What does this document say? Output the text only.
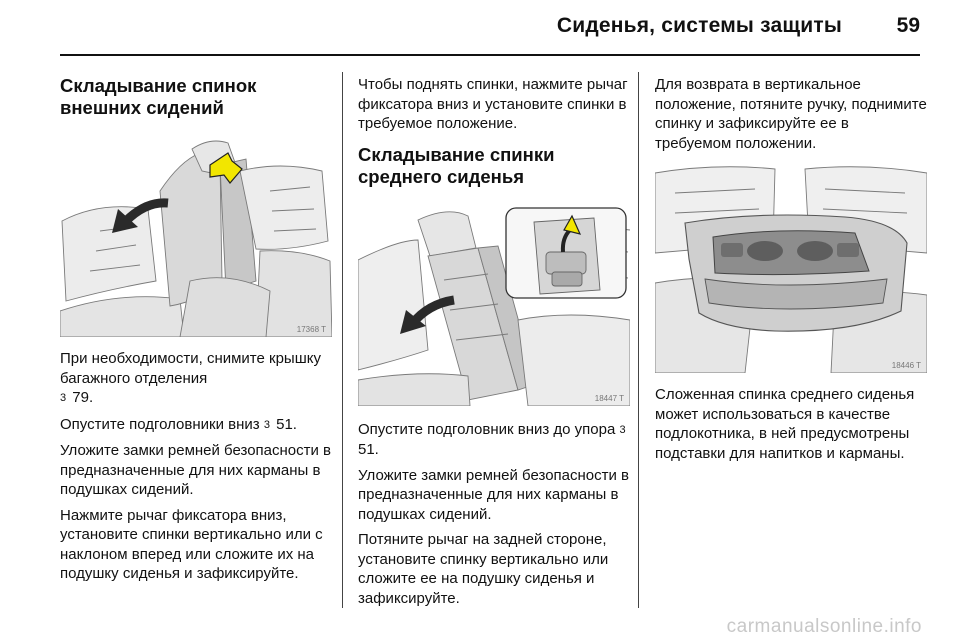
Сиденья, системы защиты	59
Складывание спинок внешних сидений
17368 T

При необходимости, снимите крышку багажного отделения
3 79.

Опустите подголовники вниз 3 51.

Уложите замки ремней безопасности в предназначенные для них карманы в подушках сидений.

Нажмите рычаг фиксатора вниз, установите спинки вертикально или с наклоном вперед или сложите их на подушку сиденья и зафиксируйте.

Чтобы поднять спинки, нажмите рычаг фиксатора вниз и установите спинки в требуемое положение.

Складывание спинки среднего сиденья
18447 T

Опустите подголовник вниз до упора 3 51.

Уложите замки ремней безопасности в предназначенные для них карманы в подушках сидений.

Потяните рычаг на задней стороне, установите спинку вертикально или сложите ее на подушку сиденья и зафиксируйте.

Для возврата в вертикальное положение, потяните ручку, поднимите спинку и зафиксируйте ее в требуемом положении.

18446 T

Сложенная спинка среднего сиденья может использоваться в качестве подлокотника, в ней предусмотрены подставки для напитков и карманы.

carmanualsonline.info
